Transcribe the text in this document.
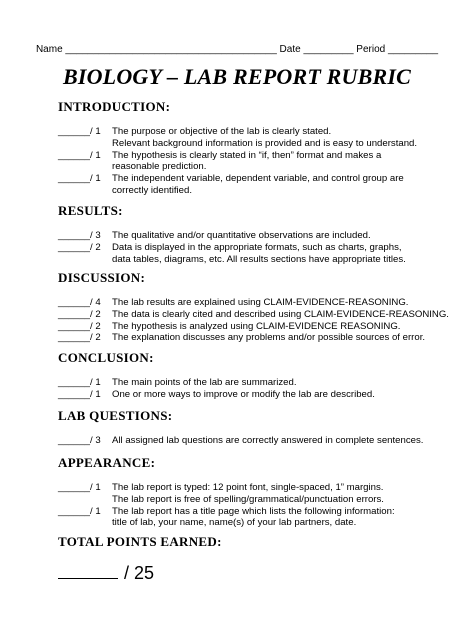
Name ______________________________________ Date _________ Period _________
BIOLOGY – LAB REPORT RUBRIC
INTRODUCTION:
______ / 1	The purpose or objective of the lab is clearly stated.
Relevant background information is provided and is easy to understand.
______ / 1	The hypothesis is clearly stated in “if, then” format and makes a
reasonable prediction.
______ / 1	The independent variable, dependent variable, and control group are
correctly identified.
RESULTS:
______ / 3	The qualitative and/or quantitative observations are included.
______ / 2	Data is displayed in the appropriate formats, such as charts, graphs,
data tables, diagrams, etc. All results sections have appropriate titles.
DISCUSSION:
______ / 4	The lab results are explained using CLAIM-EVIDENCE-REASONING.
______ / 2	The data is clearly cited and described using CLAIM-EVIDENCE-REASONING.
______ / 2	The hypothesis is analyzed using CLAIM-EVIDENCE REASONING.
______ / 2	The explanation discusses any problems and/or possible sources of error.
CONCLUSION:
______ / 1	The main points of the lab are summarized.
______ / 1	One or more ways to improve or modify the lab are described.
LAB QUESTIONS:
______ / 3	All assigned lab questions are correctly answered in complete sentences.
APPEARANCE:
______ / 1	The lab report is typed: 12 point font, single-spaced, 1” margins.
The lab report is free of spelling/grammatical/punctuation errors.
______ / 1	The lab report has a title page which lists the following information:
title of lab, your name, name(s) of your lab partners, date.
TOTAL POINTS EARNED:
/ 25
